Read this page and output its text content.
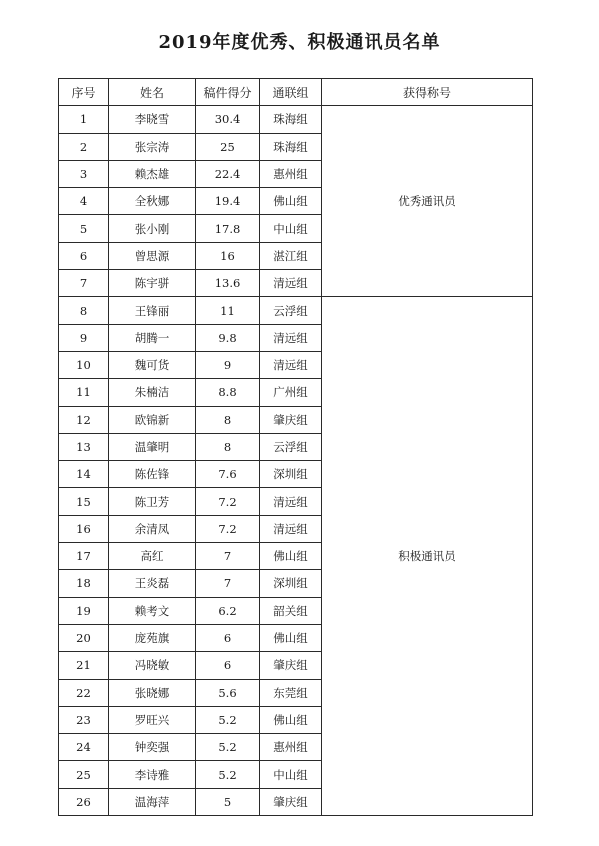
2019年度优秀、积极通讯员名单
序号	姓名	稿件得分	通联组	获得称号
1	李晓雪	30.4	珠海组	优秀通讯员
2	张宗涛	25	珠海组	
3	赖杰雄	22.4	惠州组	
4	全秋娜	19.4	佛山组	
5	张小刚	17.8	中山组	
6	曾思源	16	湛江组	
7	陈宇骈	13.6	清远组	
8	王锋丽	11	云浮组	积极通讯员
9	胡腾一	9.8	清远组	
10	魏可货	9	清远组	
11	朱楠洁	8.8	广州组	
12	欧锦新	8	肇庆组	
13	温肇明	8	云浮组	
14	陈佐锋	7.6	深圳组	
15	陈卫芳	7.2	清远组	
16	余清凤	7.2	清远组	
17	高红	7	佛山组	
18	王炎磊	7	深圳组	
19	赖考文	6.2	韶关组	
20	庞苑旗	6	佛山组	
21	冯晓敏	6	肇庆组	
22	张晓娜	5.6	东莞组	
23	罗旺兴	5.2	佛山组	
24	钟奕强	5.2	惠州组	
25	李诗雅	5.2	中山组	
26	温海萍	5	肇庆组	
